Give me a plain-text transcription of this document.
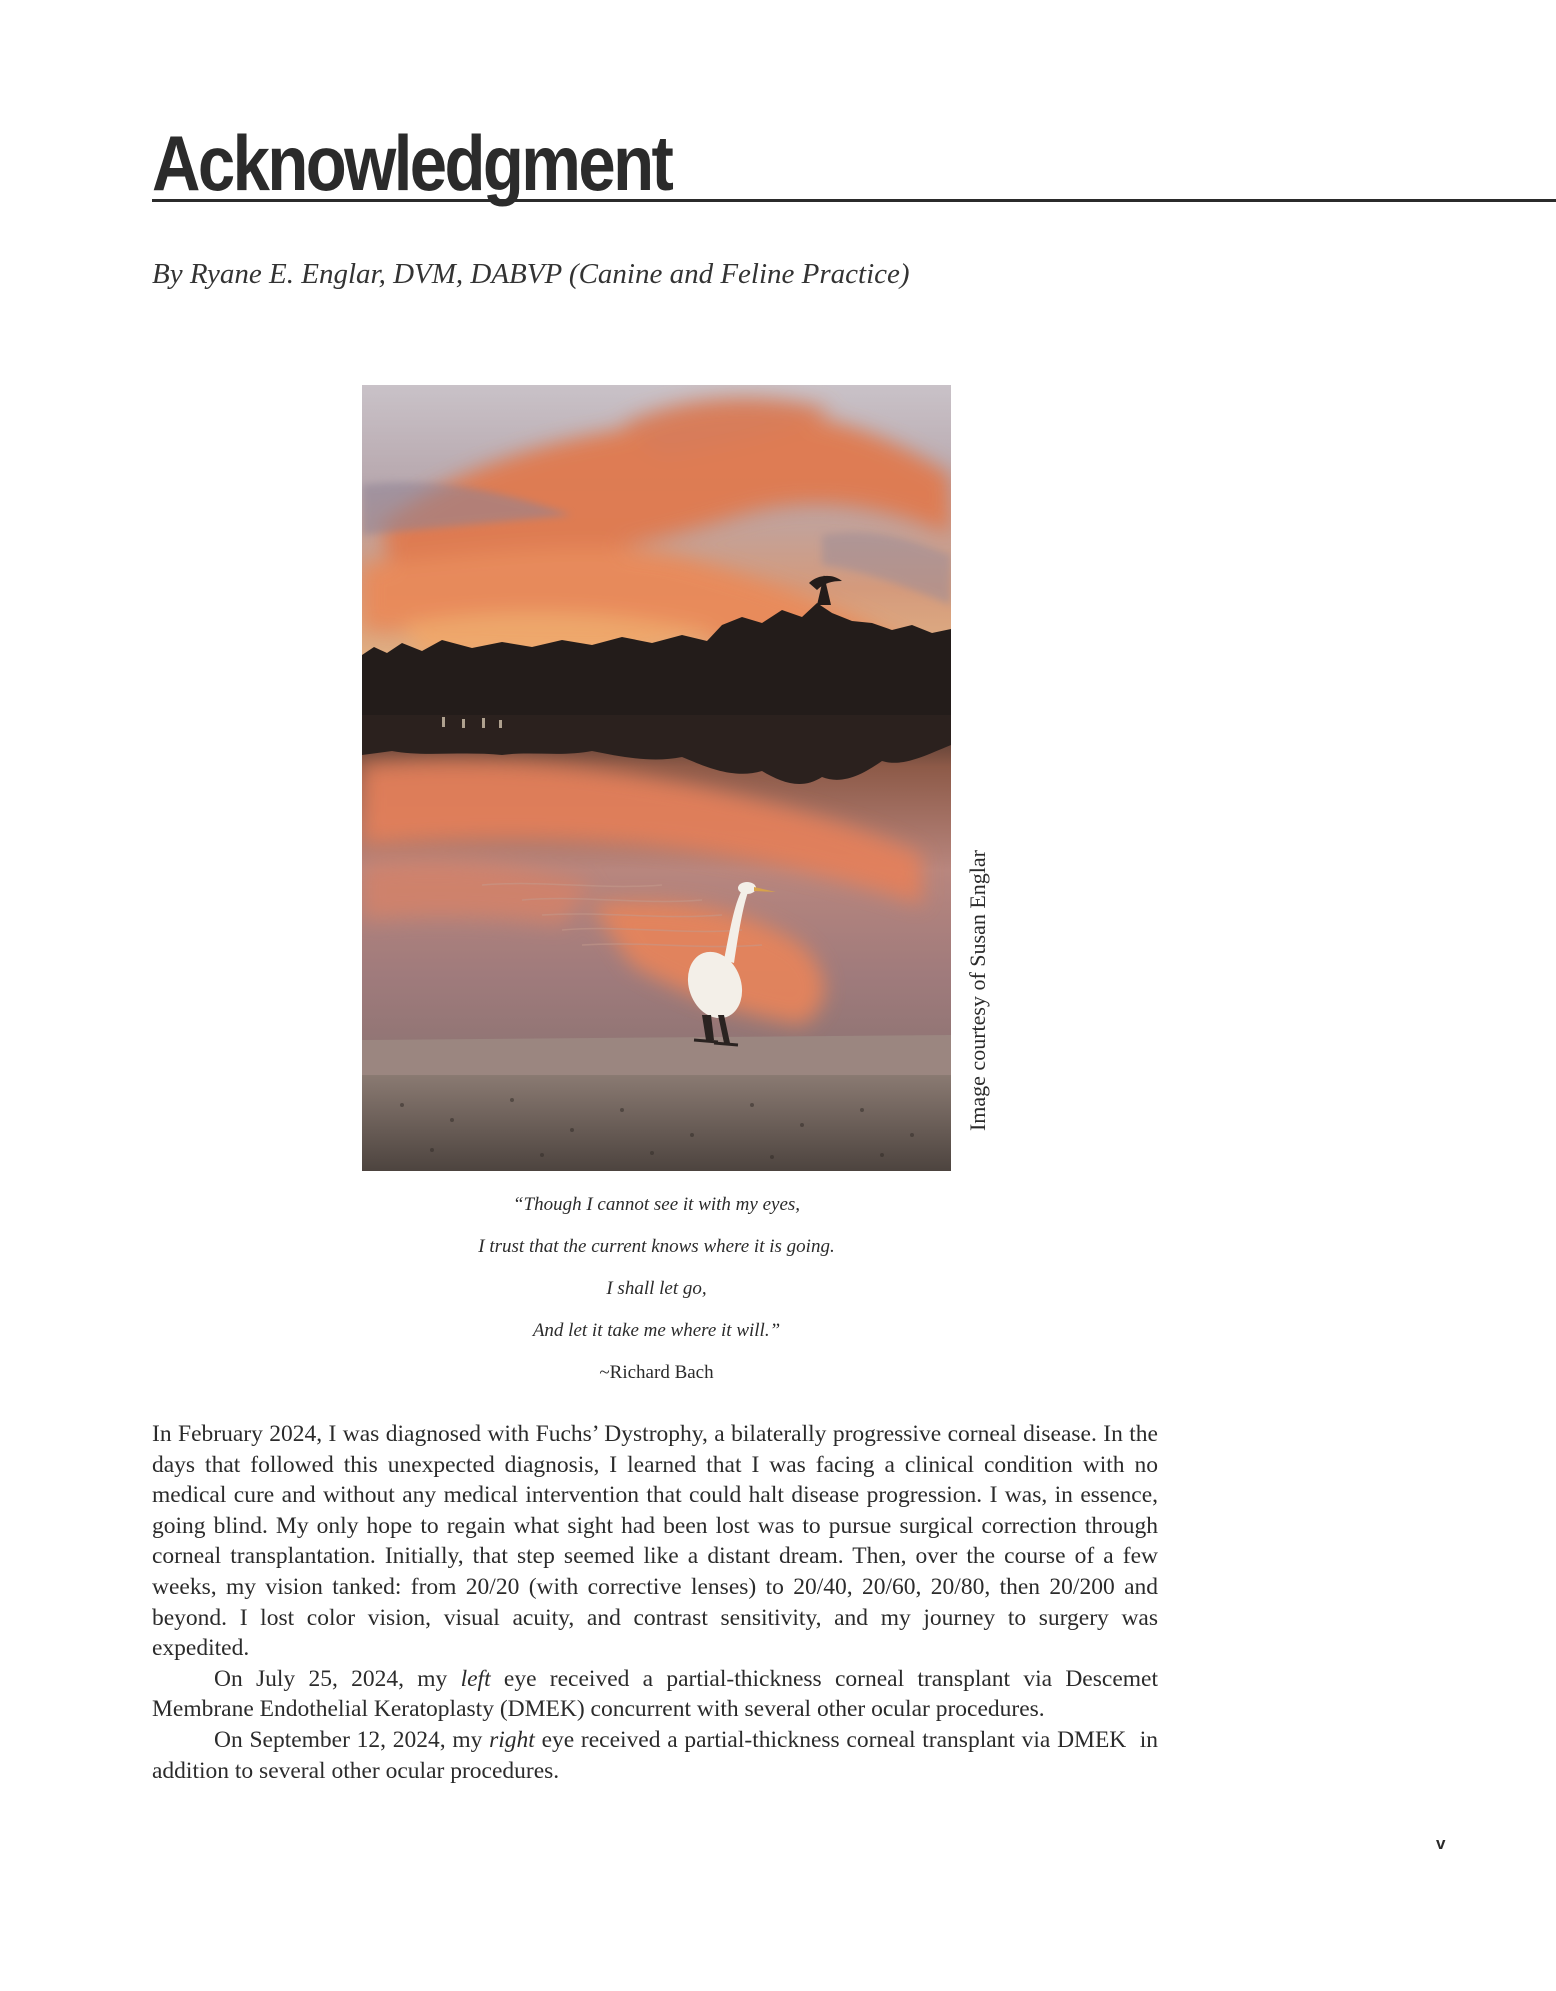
Acknowledgment
By Ryane E. Englar, DVM, DABVP (Canine and Feline Practice)
Image courtesy of Susan Englar
“Though I cannot see it with my eyes,
I trust that the current knows where it is going.
I shall let go,
And let it take me where it will.”
~Richard Bach

In February 2024, I was diagnosed with Fuchs’ Dystrophy, a bilaterally progressive corneal disease. In the days that followed this unexpected diagnosis, I learned that I was facing a clinical condition with no medical cure and without any medical intervention that could halt disease progression. I was, in essence, going blind. My only hope to regain what sight had been lost was to pursue surgical correction through corneal transplantation. Initially, that step seemed like a distant dream. Then, over the course of a few weeks, my vision tanked: from 20/20 (with corrective lenses) to 20/40, 20/60, 20/80, then 20/200 and beyond. I lost color vision, visual acuity, and contrast sensitivity, and my journey to surgery was expedited.

On July 25, 2024, my left eye received a partial-thickness corneal transplant via Descemet Membrane Endothelial Keratoplasty (DMEK) concurrent with several other ocular procedures.

On September 12, 2024, my right eye received a partial-thickness corneal transplant via DMEK  in addition to several other ocular procedures.

v
